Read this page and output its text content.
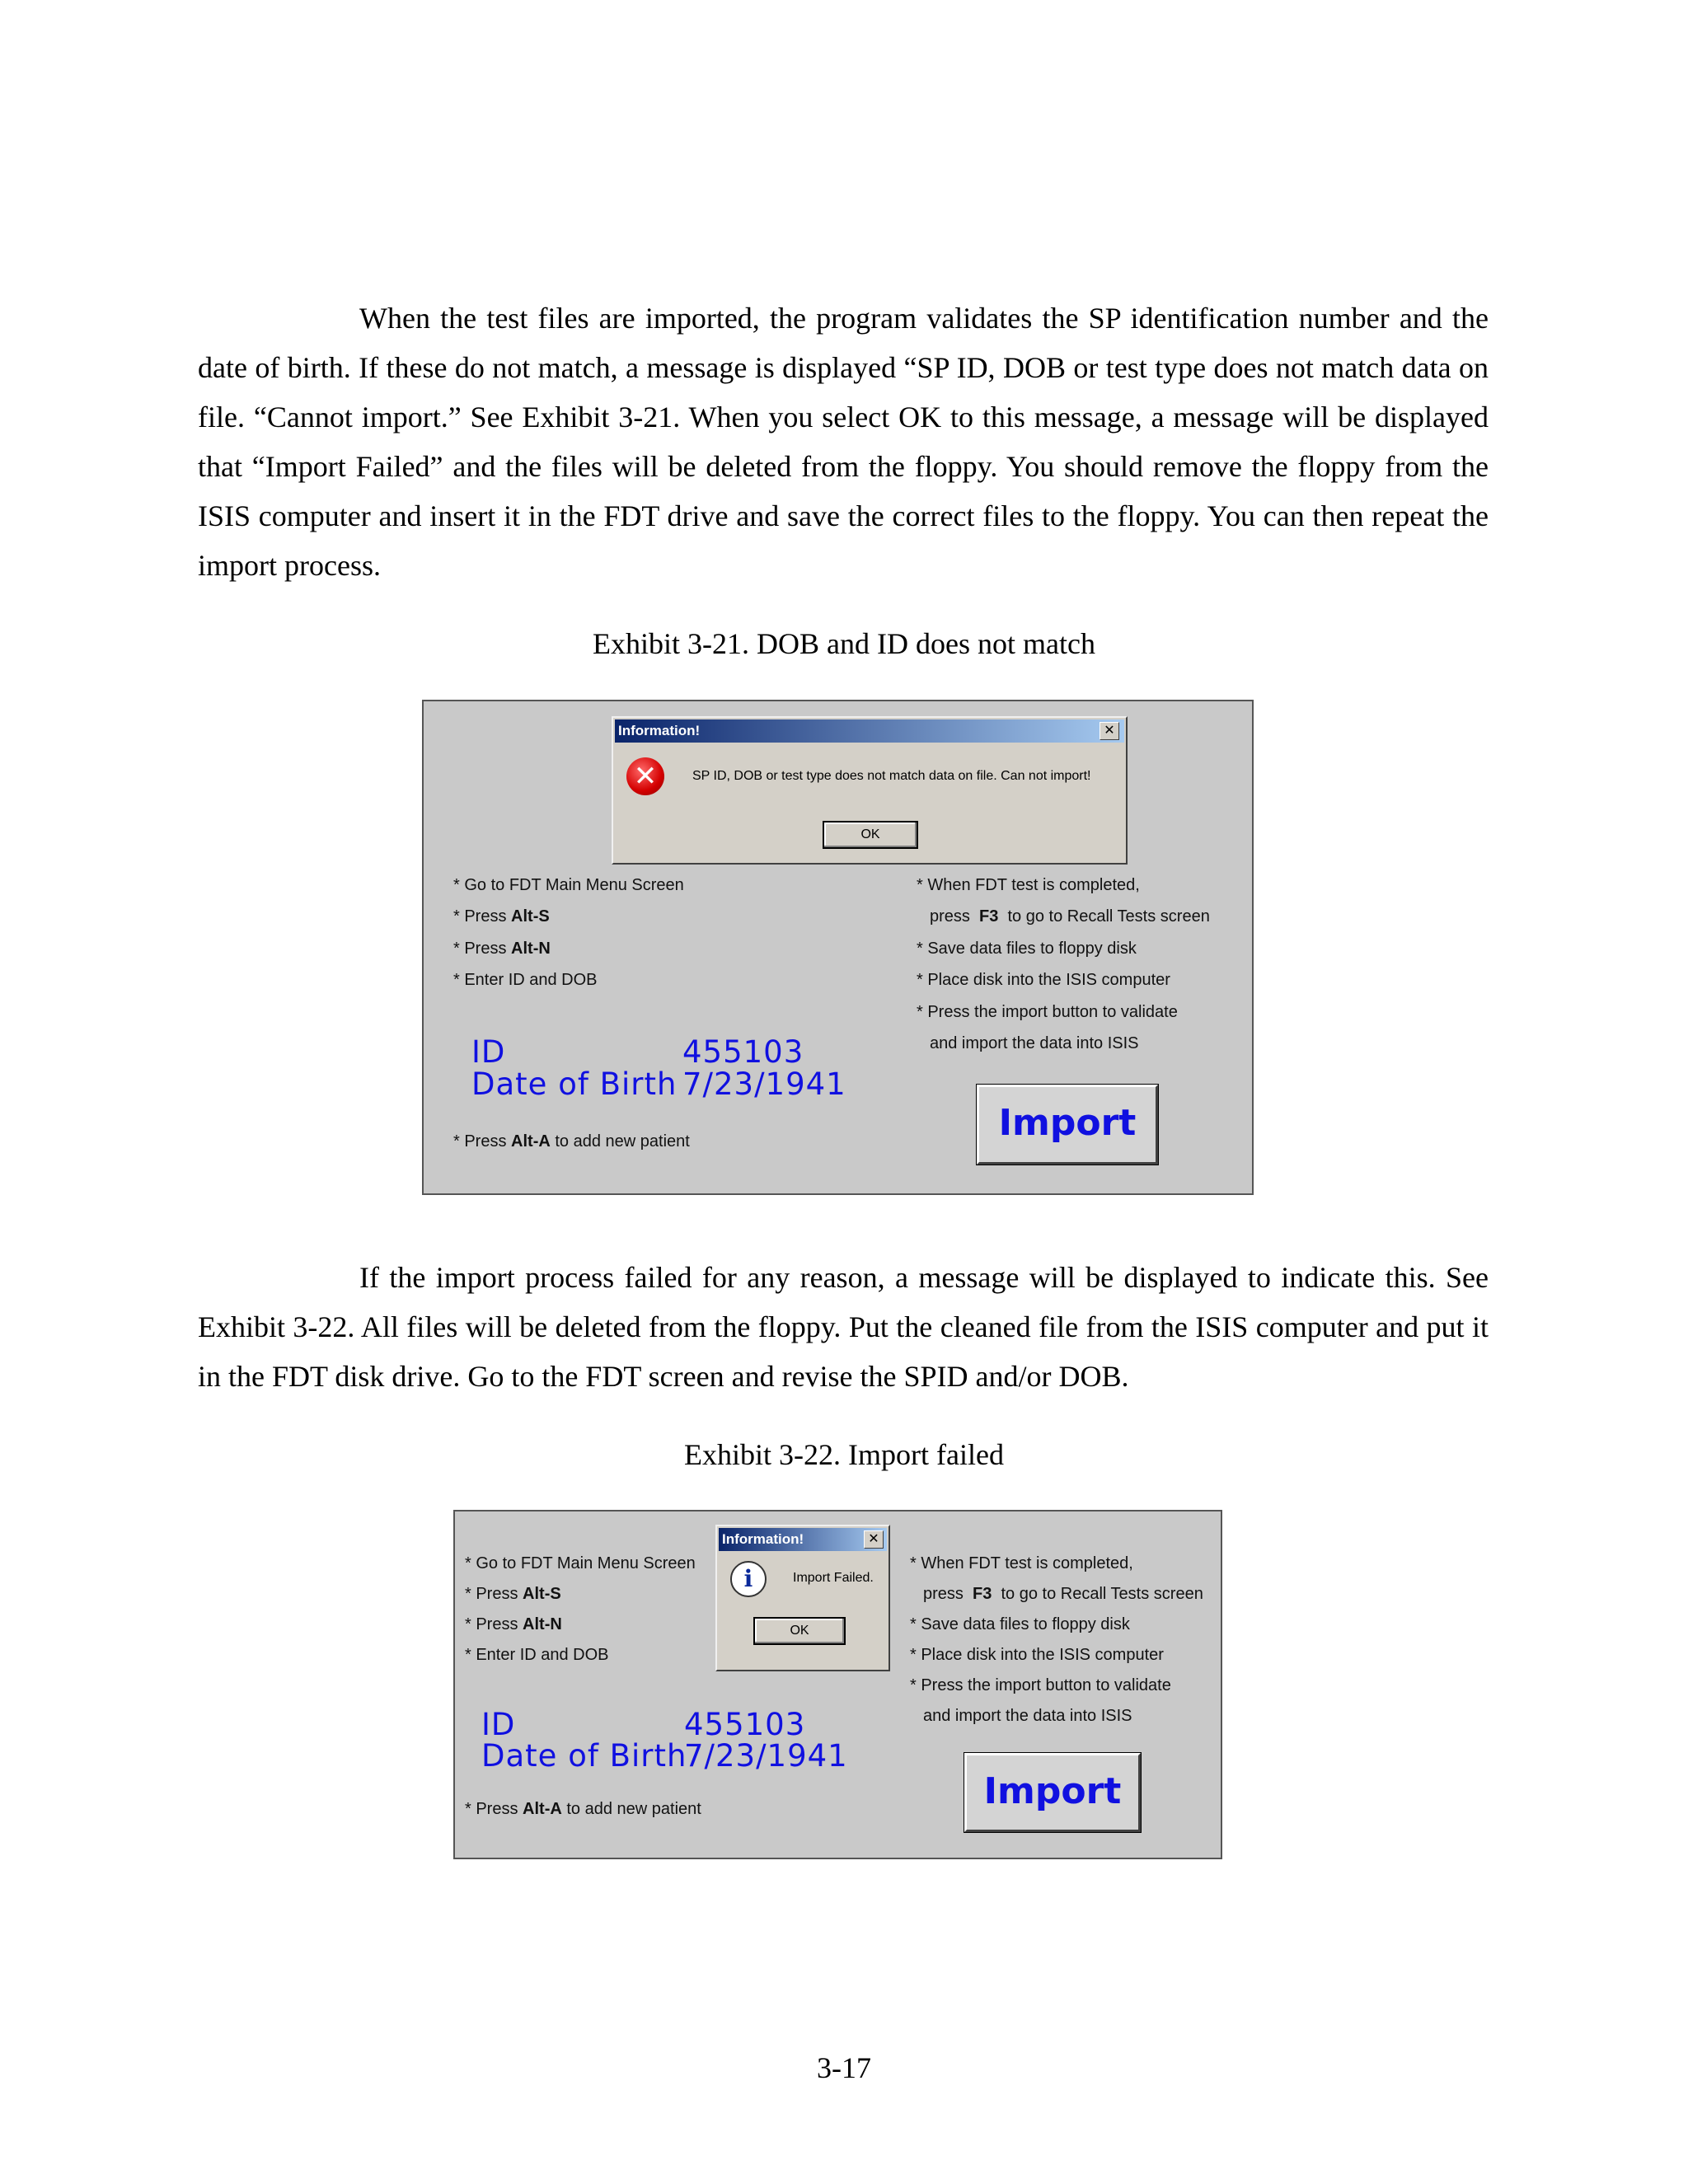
When the test files are imported, the program validates the SP identification number and the date of birth. If these do not match, a message is displayed “SP ID, DOB or test type does not match data on file. “Cannot import.” See Exhibit 3-21. When you select OK to this message, a message will be displayed that “Import Failed” and the files will be deleted from the floppy. You should remove the floppy from the ISIS computer and insert it in the FDT drive and save the correct files to the floppy. You can then repeat the import process.
Exhibit 3-21. DOB and ID does not match
* Go to FDT Main Menu Screen
* Press Alt-S
* Press Alt-N
* Enter ID and DOB
* When FDT test is completed,
press F3 to go to Recall Tests screen
* Save data files to floppy disk
* Place disk into the ISIS computer
* Press the import button to validate
and import the data into ISIS
ID	455103
Date of Birth 7/23/1941
* Press Alt-A to add new patient	Import
Information!	✕
✕	SP ID, DOB or test type does not match data on file. Can not import!
OK
If the import process failed for any reason, a message will be displayed to indicate this. See Exhibit 3-22. All files will be deleted from the floppy. Put the cleaned file from the ISIS computer and put it in the FDT disk drive. Go to the FDT screen and revise the SPID and/or DOB.
Exhibit 3-22. Import failed
* Go to FDT Main Menu Screen
* Press Alt-S
* Press Alt-N
* Enter ID and DOB
* When FDT test is completed,
press F3 to go to Recall Tests screen
* Save data files to floppy disk
* Place disk into the ISIS computer
* Press the import button to validate
and import the data into ISIS
ID	455103
Date of Birth
7/23/1941
* Press Alt-A to add new patient	Import
Information!	✕
i	Import Failed.
OK
3-17
